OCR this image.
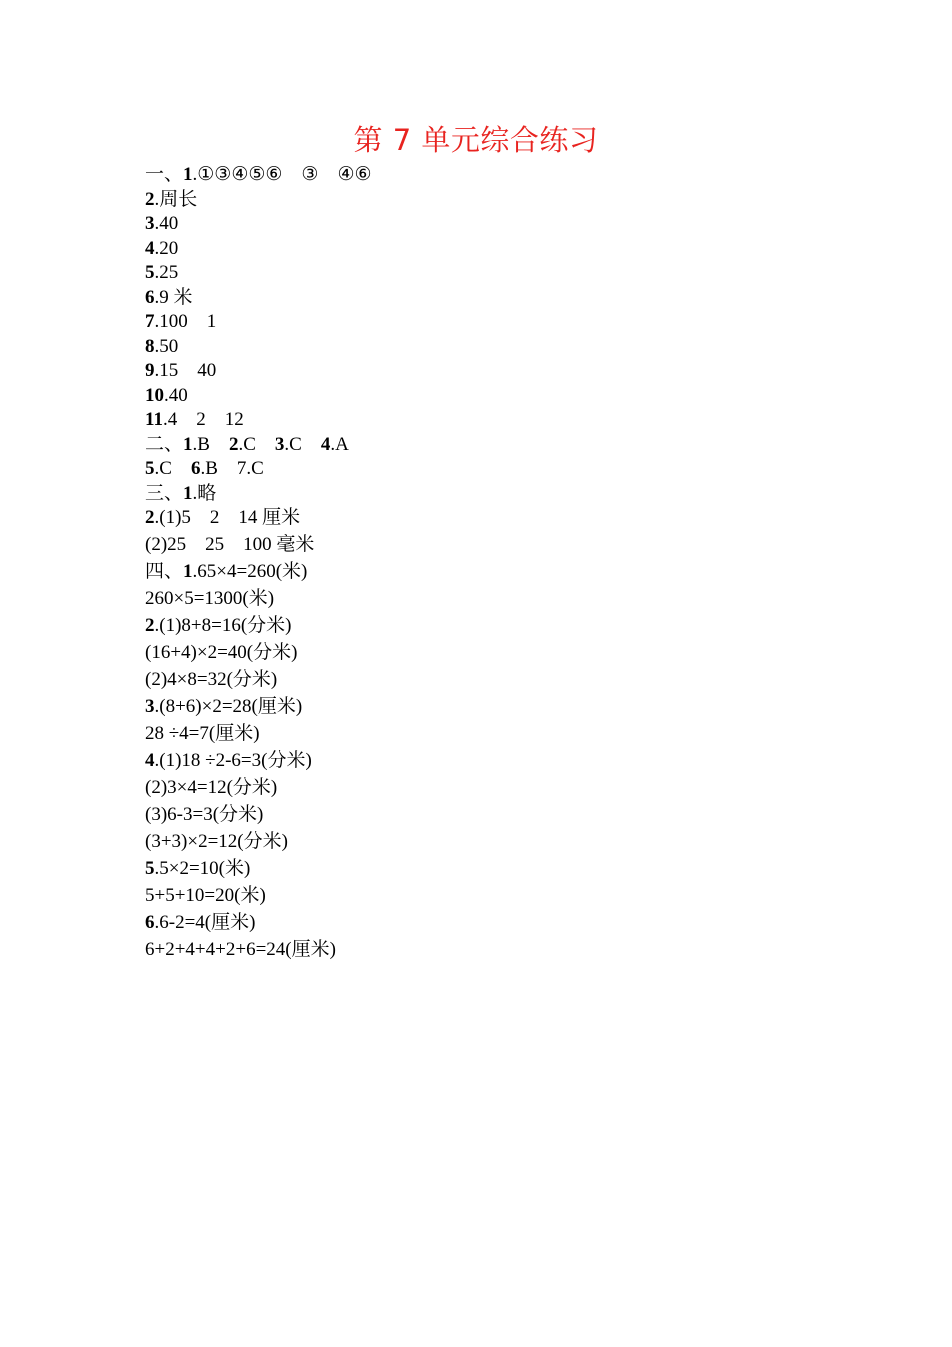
第 7 单元综合练习
一、1.①③④⑤⑥    ③    ④⑥
2.周长
3.40
4.20
5.25
6.9 米
7.100    1
8.50
9.15    40
10.40
11.4    2    12
二、1.B    2.C    3.C    4.A
5.C    6.B    7.C
三、1.略
2.(1)5    2    14 厘米
(2)25    25    100 毫米
四、1.65×4=260(米)
260×5=1300(米)
2.(1)8+8=16(分米)
(16+4)×2=40(分米)
(2)4×8=32(分米)
3.(8+6)×2=28(厘米)
28 ÷4=7(厘米)
4.(1)18 ÷2-6=3(分米)
(2)3×4=12(分米)
(3)6-3=3(分米)
(3+3)×2=12(分米)
5.5×2=10(米)
5+5+10=20(米)
6.6-2=4(厘米)
6+2+4+4+2+6=24(厘米)
